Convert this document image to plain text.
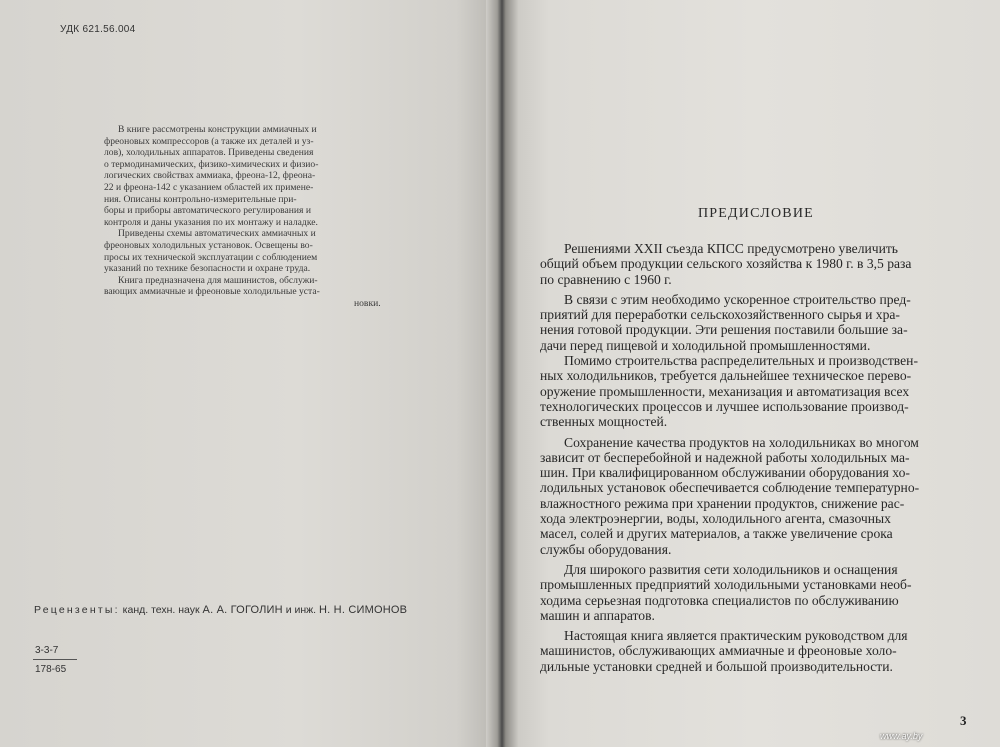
УДК 621.56.004

В книге рассмотрены конструкции аммиачных и
фреоновых компрессоров (а также их деталей и уз-
лов), холодильных аппаратов. Приведены сведения
о термодинамических, физико-химических и физио-
логических свойствах аммиака, фреона-12, фреона-
22 и фреона-142 с указанием областей их примене-
ния. Описаны контрольно-измерительные при-
боры и приборы автоматического регулирования и
контроля и даны указания по их монтажу и наладке.
Приведены схемы автоматических аммиачных и
фреоновых холодильных установок. Освещены во-
просы их технической эксплуатации с соблюдением
указаний по технике безопасности и охране труда.
Книга предназначена для машинистов, обслужи-
вающих аммиачные и фреоновые холодильные уста-
новки.

Рецензенты: канд. техн. наук А. А. ГОГОЛИН и инж. Н. Н. СИМОНОВ

3-3-7

178-65

ПРЕДИСЛОВИЕ

Решениями XXII съезда КПСС предусмотрено увеличить
общий объем продукции сельского хозяйства к 1980 г. в 3,5 раза
по сравнению с 1960 г.
В связи с этим необходимо ускоренное строительство пред-
приятий для переработки сельскохозяйственного сырья и хра-
нения готовой продукции. Эти решения поставили большие за-
дачи перед пищевой и холодильной промышленностями.
Помимо строительства распределительных и производствен-
ных холодильников, требуется дальнейшее техническое перево-
оружение промышленности, механизация и автоматизация всех
технологических процессов и лучшее использование производ-
ственных мощностей.
Сохранение качества продуктов на холодильниках во многом
зависит от бесперебойной и надежной работы холодильных ма-
шин. При квалифицированном обслуживании оборудования хо-
лодильных установок обеспечивается соблюдение температурно-
влажностного режима при хранении продуктов, снижение рас-
хода электроэнергии, воды, холодильного агента, смазочных
масел, солей и других материалов, а также увеличение срока
службы оборудования.
Для широкого развития сети холодильников и оснащения
промышленных предприятий холодильными установками необ-
ходима серьезная подготовка специалистов по обслуживанию
машин и аппаратов.
Настоящая книга является практическим руководством для
машинистов, обслуживающих аммиачные и фреоновые холо-
дильные установки средней и большой производительности.

3

www.ay.by
